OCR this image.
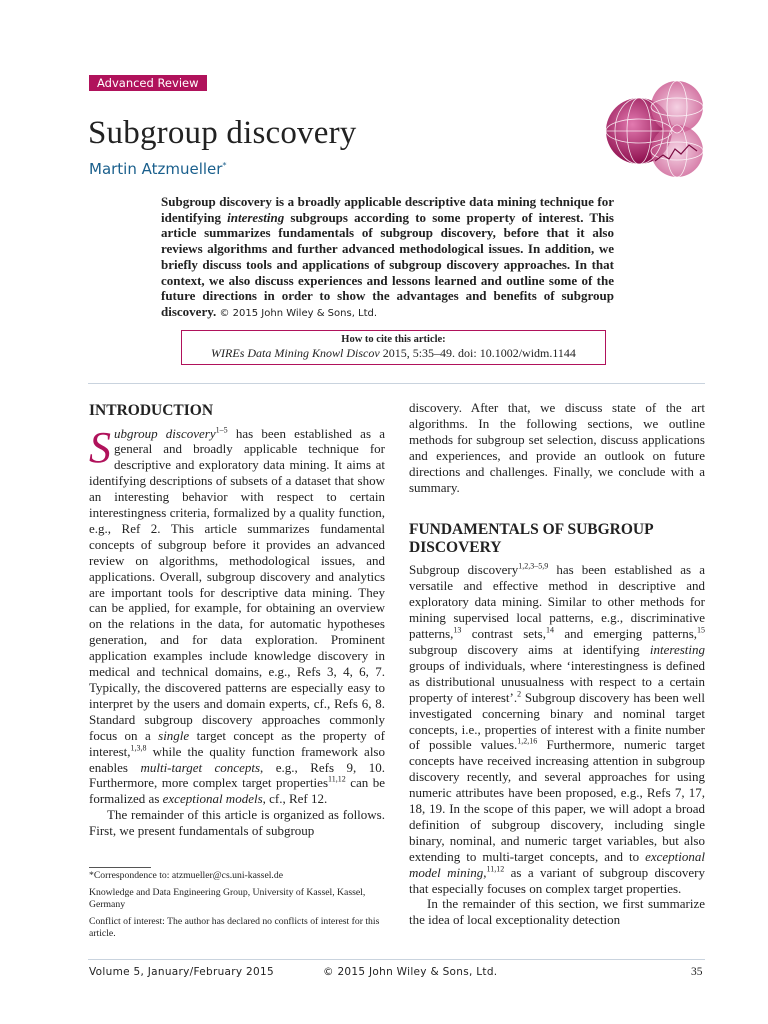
Advanced Review
Subgroup discovery
Martin Atzmueller*
Subgroup discovery is a broadly applicable descriptive data mining technique for identifying interesting subgroups according to some property of interest. This article summarizes fundamentals of subgroup discovery, before that it also reviews algorithms and further advanced methodological issues. In addition, we briefly discuss tools and applications of subgroup discovery approaches. In that context, we also discuss experiences and lessons learned and outline some of the future directions in order to show the advantages and benefits of subgroup discovery. © 2015 John Wiley & Sons, Ltd.
How to cite this article:
WIREs Data Mining Knowl Discov 2015, 5:35–49. doi: 10.1002/widm.1144
INTRODUCTION

Subgroup discovery$^{1-5}$ has been established as a general and broadly applicable technique for descriptive and exploratory data mining. It aims at identifying descriptions of subsets of a dataset that show an interesting behavior with respect to certain interestingness criteria, formalized by a quality function, e.g., Ref 2. This article summarizes fundamental concepts of subgroup before it provides an advanced review on algorithms, methodological issues, and applications. Overall, subgroup discovery and analytics are important tools for descriptive data mining. They can be applied, for example, for obtaining an overview on the relations in the data, for automatic hypotheses generation, and for data exploration. Prominent application examples include knowledge discovery in medical and technical domains, e.g., Refs 3, 4, 6, 7. Typically, the discovered patterns are especially easy to interpret by the users and domain experts, cf., Refs 6, 8. Standard subgroup discovery approaches commonly focus on a single target concept as the property of interest,$^{1,3,8}$ while the quality function framework also enables multi-target concepts, e.g., Refs 9, 10. Furthermore, more complex target properties$^{11,12}$ can be formalized as exceptional models, cf., Ref 12.

The remainder of this article is organized as follows. First, we present fundamentals of subgroup

discovery. After that, we discuss state of the art algorithms. In the following sections, we outline methods for subgroup set selection, discuss applications and experiences, and provide an outlook on future directions and challenges. Finally, we conclude with a summary.

FUNDAMENTALS OF SUBGROUP DISCOVERY

Subgroup discovery$^{1,2,3-5,9}$ has been established as a versatile and effective method in descriptive and exploratory data mining. Similar to other methods for mining supervised local patterns, e.g., discriminative patterns,$^{13}$ contrast sets,$^{14}$ and emerging patterns,$^{15}$ subgroup discovery aims at identifying interesting groups of individuals, where ‘interestingness is defined as distributional unusualness with respect to a certain property of interest’.$^2$ Subgroup discovery has been well investigated concerning binary and nominal target concepts, i.e., properties of interest with a finite number of possible values.$^{1,2,16}$ Furthermore, numeric target concepts have received increasing attention in subgroup discovery recently, and several approaches for using numeric attributes have been proposed, e.g., Refs 7, 17, 18, 19. In the scope of this paper, we will adopt a broad definition of subgroup discovery, including single binary, nominal, and numeric target variables, but also extending to multi-target concepts, and to exceptional model mining,$^{11,12}$ as a variant of subgroup discovery that especially focuses on complex target properties.

In the remainder of this section, we first summarize the idea of local exceptionality detection

*Correspondence to: atzmueller@cs.uni-kassel.de

Knowledge and Data Engineering Group, University of Kassel, Kassel, Germany

Conflict of interest: The author has declared no conflicts of interest for this article.

Volume 5, January/February 2015	© 2015 John Wiley & Sons, Ltd.	35
